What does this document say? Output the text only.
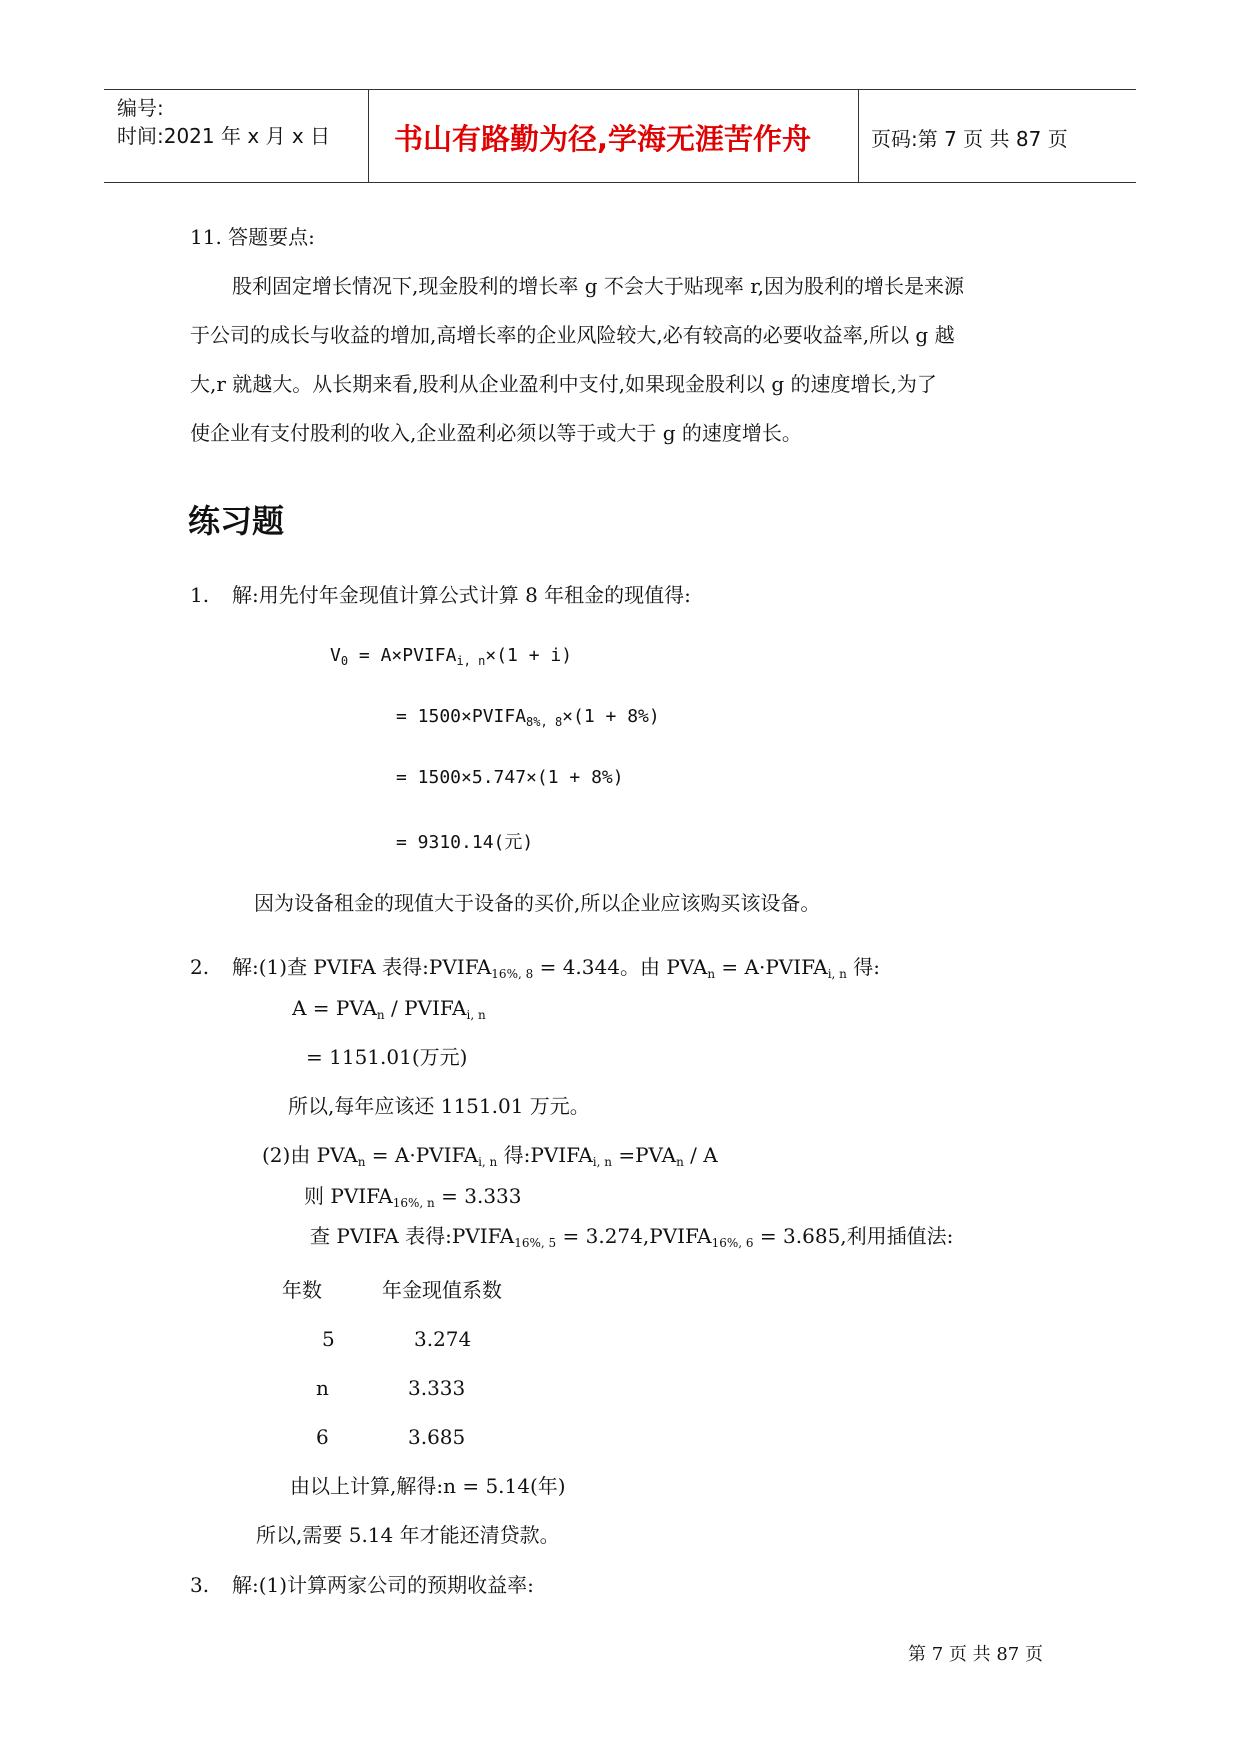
编号:
时间:2021 年 x 月 x 日 书山有路勤为径,学海无涯苦作舟	页码:第 7 页 共 87 页
11. 答题要点:
股利固定增长情况下,现金股利的增长率 g 不会大于贴现率 r,因为股利的增长是来源
于公司的成长与收益的增加,高增长率的企业风险较大,必有较高的必要收益率,所以 g 越
大,r 就越大。从长期来看,股利从企业盈利中支付,如果现金股利以 g 的速度增长,为了
使企业有支付股利的收入,企业盈利必须以等于或大于 g 的速度增长。
练习题
1. 解:用先付年金现值计算公式计算 8 年租金的现值得:
$V_0$ = $A\times PVIFA_{i, n}\times(1 + i)$
= $1500\times PVIFA_{8\%, 8}\times(1 + 8\%)$
= 1500×5.747×(1 + 8%)
= 9310.14(元)
因为设备租金的现值大于设备的买价,所以企业应该购买该设备。
2. 解:(1)查 PVIFA 表得$:PVIFA_{16\%, 8} = 4.344$。由 $PVA_n$ = $A\cdot PVIFA_{i, n}$ 得:
$A = PVA_n$ / $PVIFA_{i, n}$
= 1151.01(万元)
所以,每年应该还 1151.01 万元。
(2)由 $PVA_n$ = $A\cdot PVIFA_{i, n}$ 得$:PVIFA_{i, n} =PVA_n / A$
则 $PVIFA_{16\%, n} = 3.333$
查 PVIFA 表得$:PVIFA_{16\%, 5}$ = $3.274,PVIFA_{16\%, 6} = 3.685$,利用插值法:
年数	年金现值系数
5	3.274
n	3.333
6	3.685
由以上计算,解得:n = 5.14(年)
所以,需要 5.14 年才能还清贷款。
3. 解:(1)计算两家公司的预期收益率:
第 7 页 共 87 页
